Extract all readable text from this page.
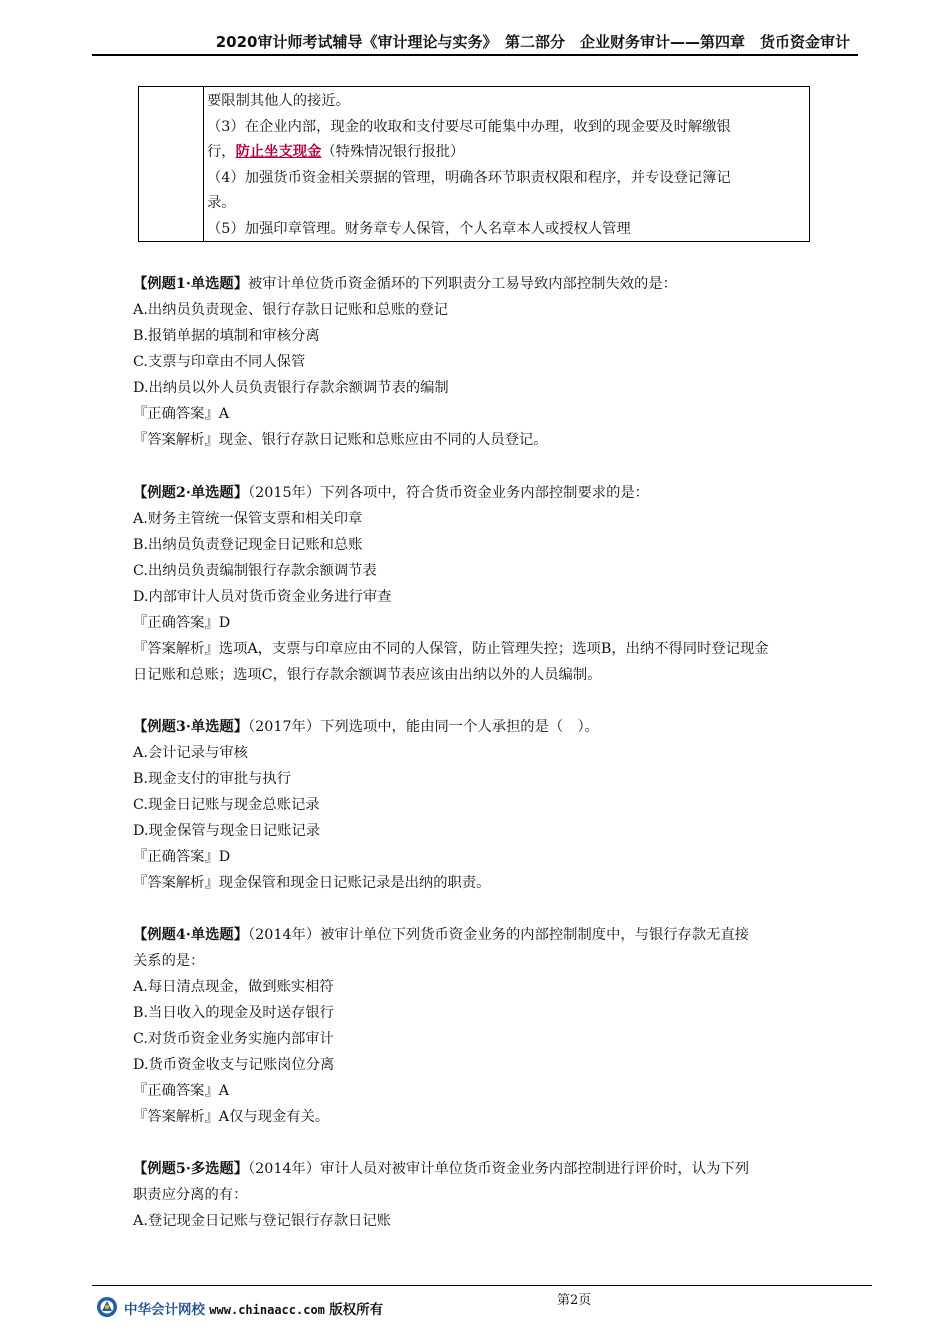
2020审计师考试辅导《审计理论与实务》　第二部分　企业财务审计——第四章　货币资金审计
要限制其他人的接近。
（3）在企业内部，现金的收取和支付要尽可能集中办理，收到的现金要及时解缴银
行，防止坐支现金（特殊情况银行报批）
（4）加强货币资金相关票据的管理，明确各环节职责权限和程序，并专设登记簿记
录。
（5）加强印章管理。财务章专人保管，个人名章本人或授权人管理
【例题1·单选题】被审计单位货币资金循环的下列职责分工易导致内部控制失效的是：
A.出纳员负责现金、银行存款日记账和总账的登记
B.报销单据的填制和审核分离
C.支票与印章由不同人保管
D.出纳员以外人员负责银行存款余额调节表的编制
『正确答案』A
『答案解析』现金、银行存款日记账和总账应由不同的人员登记。
【例题2·单选题】（2015年）下列各项中，符合货币资金业务内部控制要求的是：
A.财务主管统一保管支票和相关印章
B.出纳员负责登记现金日记账和总账
C.出纳员负责编制银行存款余额调节表
D.内部审计人员对货币资金业务进行审查
『正确答案』D
『答案解析』选项A，支票与印章应由不同的人保管，防止管理失控；选项B，出纳不得同时登记现金
日记账和总账；选项C，银行存款余额调节表应该由出纳以外的人员编制。
【例题3·单选题】（2017年）下列选项中，能由同一个人承担的是（　）。
A.会计记录与审核
B.现金支付的审批与执行
C.现金日记账与现金总账记录
D.现金保管与现金日记账记录
『正确答案』D
『答案解析』现金保管和现金日记账记录是出纳的职责。
【例题4·单选题】（2014年）被审计单位下列货币资金业务的内部控制制度中，与银行存款无直接
关系的是：
A.每日清点现金，做到账实相符
B.当日收入的现金及时送存银行
C.对货币资金业务实施内部审计
D.货币资金收支与记账岗位分离
『正确答案』A
『答案解析』A仅与现金有关。
【例题5·多选题】（2014年）审计人员对被审计单位货币资金业务内部控制进行评价时，认为下列
职责应分离的有：
A.登记现金日记账与登记银行存款日记账
第2页
中华会计网校 www.chinaacc.com 版权所有
